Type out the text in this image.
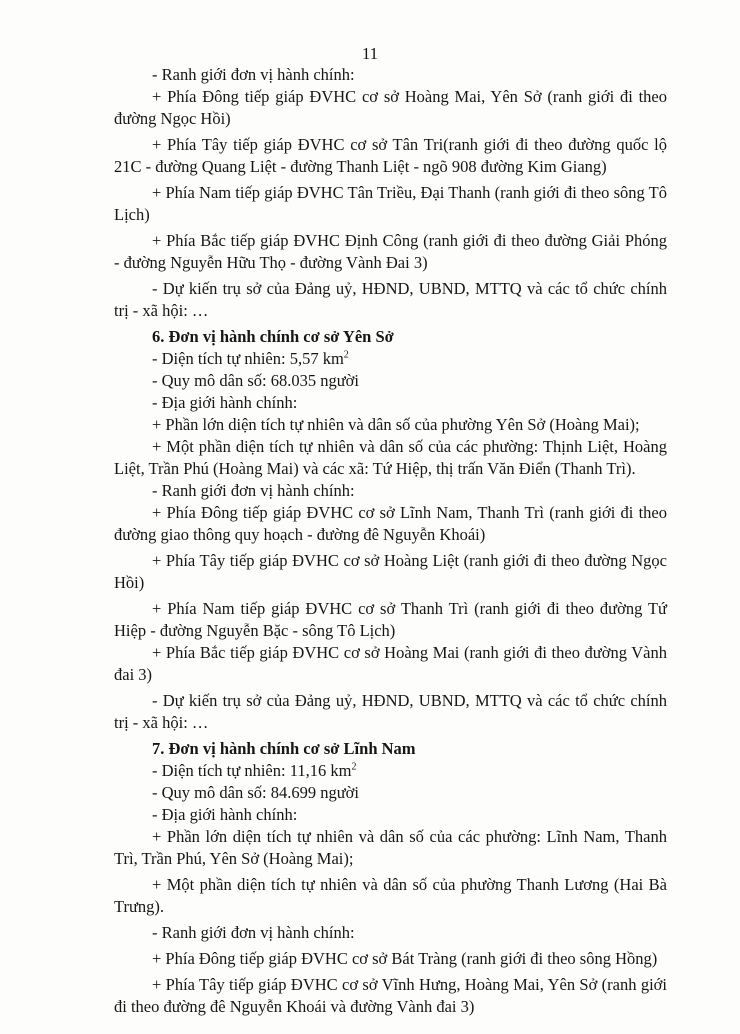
11

- Ranh giới đơn vị hành chính:

+ Phía Đông tiếp giáp ĐVHC cơ sở Hoàng Mai, Yên Sở (ranh giới đi theo đường Ngọc Hồi)

+ Phía Tây tiếp giáp ĐVHC cơ sở Tân Tri(ranh giới đi theo đường quốc lộ 21C - đường Quang Liệt - đường Thanh Liệt - ngõ 908 đường Kim Giang)

+ Phía Nam tiếp giáp ĐVHC Tân Triều, Đại Thanh (ranh giới đi theo sông Tô Lịch)

+ Phía Bắc tiếp giáp ĐVHC Định Công (ranh giới đi theo đường Giải Phóng - đường Nguyễn Hữu Thọ - đường Vành Đai 3)

- Dự kiến trụ sở của Đảng uỷ, HĐND, UBND, MTTQ và các tổ chức chính trị - xã hội: …

6. Đơn vị hành chính cơ sở Yên Sở

- Diện tích tự nhiên: 5,57 $km^2$

- Quy mô dân số: 68.035 người

- Địa giới hành chính:

+ Phần lớn diện tích tự nhiên và dân số của phường Yên Sở (Hoàng Mai);

+ Một phần diện tích tự nhiên và dân số của các phường: Thịnh Liệt, Hoàng Liệt, Trần Phú (Hoàng Mai) và các xã: Tứ Hiệp, thị trấn Văn Điển (Thanh Trì).

- Ranh giới đơn vị hành chính:

+ Phía Đông tiếp giáp ĐVHC cơ sở Lĩnh Nam, Thanh Trì (ranh giới đi theo đường giao thông quy hoạch - đường đê Nguyễn Khoái)

+ Phía Tây tiếp giáp ĐVHC cơ sở Hoàng Liệt (ranh giới đi theo đường Ngọc Hồi)

+ Phía Nam tiếp giáp ĐVHC cơ sở Thanh Trì (ranh giới đi theo đường Tứ Hiệp - đường Nguyễn Bặc - sông Tô Lịch)

+ Phía Bắc tiếp giáp ĐVHC cơ sở Hoàng Mai (ranh giới đi theo đường Vành đai 3)

- Dự kiến trụ sở của Đảng uỷ, HĐND, UBND, MTTQ và các tổ chức chính trị - xã hội: …

7. Đơn vị hành chính cơ sở Lĩnh Nam

- Diện tích tự nhiên: 11,16 $km^2$

- Quy mô dân số: 84.699 người

- Địa giới hành chính:

+ Phần lớn diện tích tự nhiên và dân số của các phường: Lĩnh Nam, Thanh Trì, Trần Phú, Yên Sở (Hoàng Mai);

+ Một phần diện tích tự nhiên và dân số của phường Thanh Lương (Hai Bà Trưng).

- Ranh giới đơn vị hành chính:

+ Phía Đông tiếp giáp ĐVHC cơ sở Bát Tràng (ranh giới đi theo sông Hồng)

+ Phía Tây tiếp giáp ĐVHC cơ sở Vĩnh Hưng, Hoàng Mai, Yên Sở (ranh giới đi theo đường đê Nguyễn Khoái và đường Vành đai 3)
